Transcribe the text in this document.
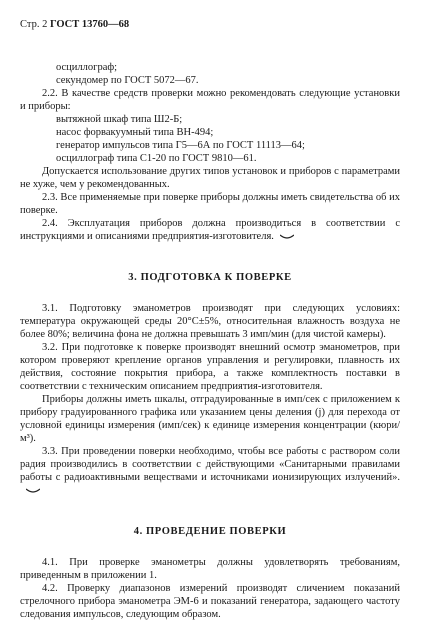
Стр. 2 ГОСТ 13760—68

осциллограф;

секундомер по ГОСТ 5072—67.

2.2. В качестве средств проверки можно рекомендовать следующие установки и приборы:

вытяжной шкаф типа Ш2-Б;

насос форвакуумный типа ВН-494;

генератор импульсов типа Г5—6А по ГОСТ 11113—64;

осциллограф типа С1-20 по ГОСТ 9810—61.

Допускается использование других типов установок и приборов с параметрами не хуже, чем у рекомендованных.

2.3. Все применяемые при поверке приборы должны иметь свидетельства об их поверке.

2.4. Эксплуатация приборов должна производиться в соответствии с инструкциями и описаниями предприятия-изготовителя.

3. ПОДГОТОВКА К ПОВЕРКЕ

3.1. Подготовку эманометров производят при следующих условиях: температура окружающей среды 20°С±5%, относительная влажность воздуха не более 80%; величина фона не должна превышать 3 имп/мин (для чистой камеры).

3.2. При подготовке к поверке производят внешний осмотр эманометров, при котором проверяют крепление органов управления и регулировки, плавность их действия, состояние покрытия прибора, а также комплектность поставки в соответствии с техническим описанием предприятия-изготовителя.

Приборы должны иметь шкалы, отградуированные в имп/сек с приложением к прибору градуированного графика или указанием цены деления (j) для перехода от условной единицы измерения (имп/сек) к единице измерения концентрации (кюри/м³).

3.3. При проведении поверки необходимо, чтобы все работы с раствором соли радия производились в соответствии с действующими «Санитарными правилами работы с радиоактивными веществами и источниками ионизирующих излучений».

4. ПРОВЕДЕНИЕ ПОВЕРКИ

4.1. При проверке эманометры должны удовлетворять требованиям, приведенным в приложении 1.

4.2. Проверку диапазонов измерений производят сличением показаний стрелочного прибора эманометра ЭМ-6 и показаний генератора, задающего частоту следования импульсов, следующим образом.
